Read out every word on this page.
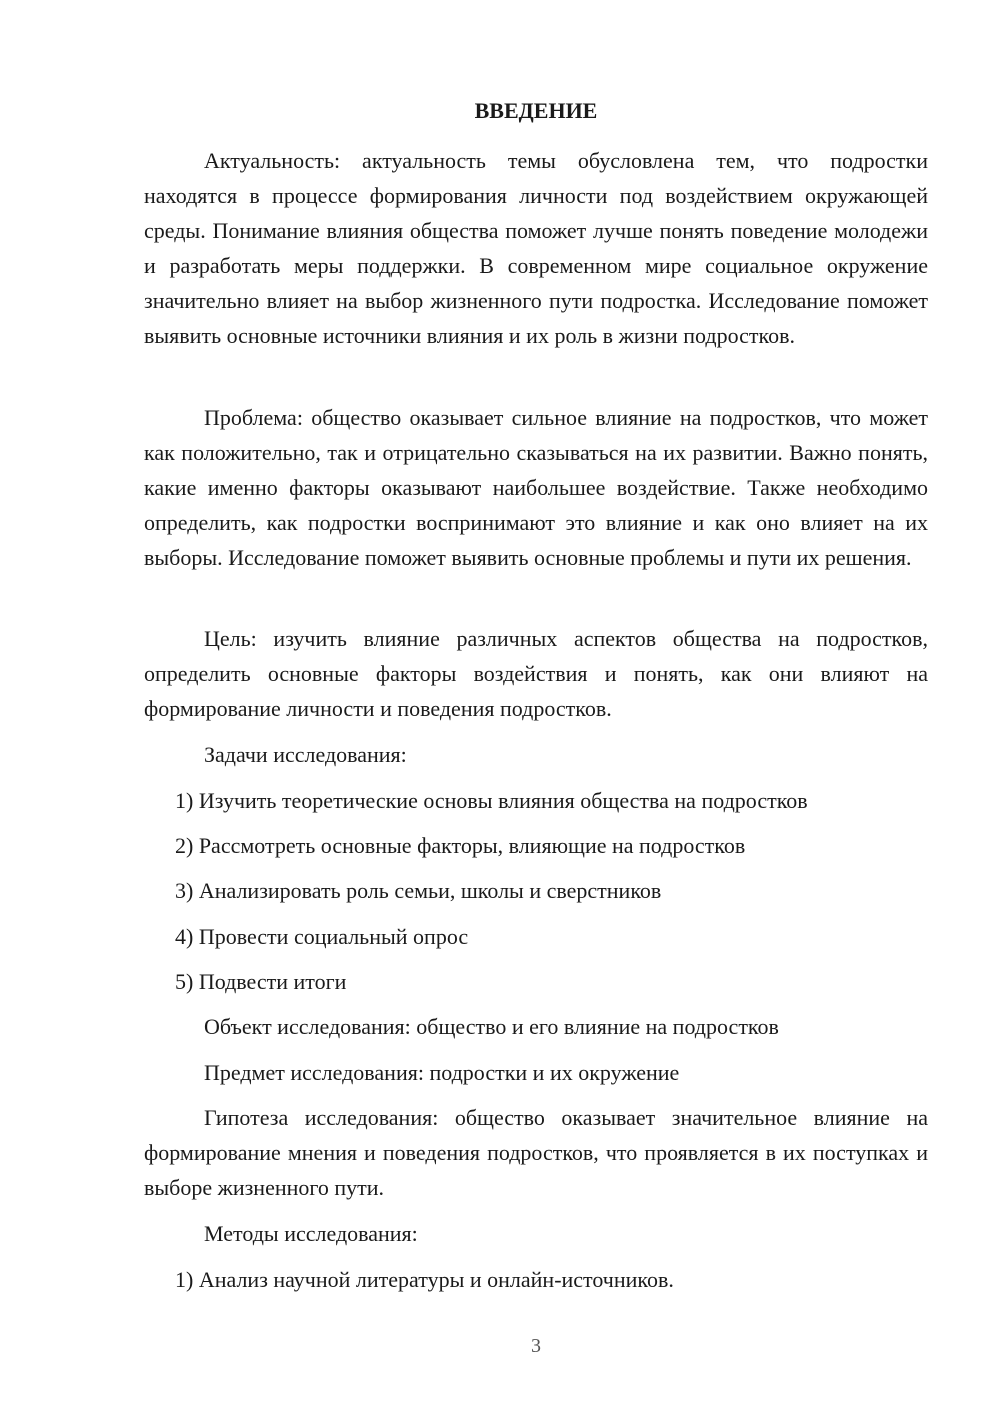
ВВЕДЕНИЕ

Актуальность: актуальность темы обусловлена тем, что подростки находятся в процессе формирования личности под воздействием окружающей среды. Понимание влияния общества поможет лучше понять поведение молодежи и разработать меры поддержки. В современном мире социальное окружение значительно влияет на выбор жизненного пути подростка. Исследование поможет выявить основные источники влияния и их роль в жизни подростков.

Проблема: общество оказывает сильное влияние на подростков, что может как положительно, так и отрицательно сказываться на их развитии. Важно понять, какие именно факторы оказывают наибольшее воздействие. Также необходимо определить, как подростки воспринимают это влияние и как оно влияет на их выборы. Исследование поможет выявить основные проблемы и пути их решения.

Цель: изучить влияние различных аспектов общества на подростков, определить основные факторы воздействия и понять, как они влияют на формирование личности и поведения подростков.

Задачи исследования:

1) Изучить теоретические основы влияния общества на подростков

2) Рассмотреть основные факторы, влияющие на подростков

3) Анализировать роль семьи, школы и сверстников

4) Провести социальный опрос

5) Подвести итоги

Объект исследования: общество и его влияние на подростков

Предмет исследования: подростки и их окружение

Гипотеза исследования: общество оказывает значительное влияние на формирование мнения и поведения подростков, что проявляется в их поступках и выборе жизненного пути.

Методы исследования:

1) Анализ научной литературы и онлайн-источников.

3
